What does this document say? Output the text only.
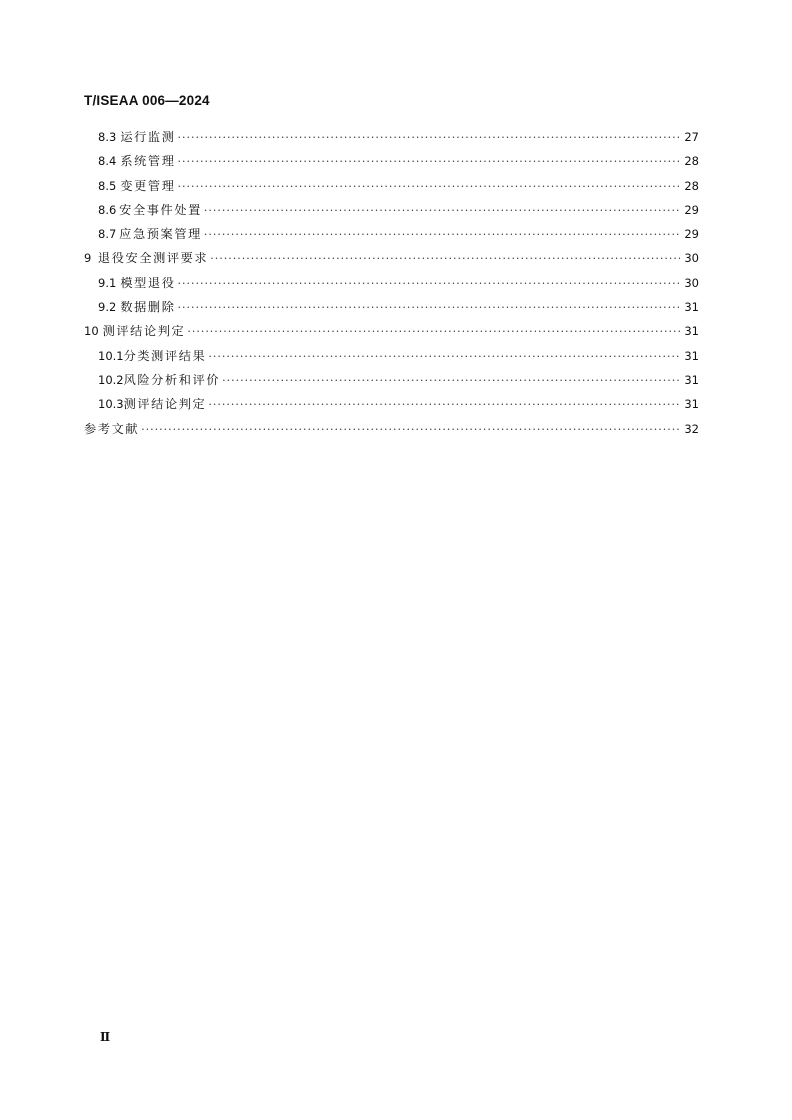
T/ISEAA 006—2024
8.3 运行监测 ·····	27
8.4 系统管理 ·····	28
8.5 变更管理 ·····	28
8.6 安全事件处置 ·····	29
8.7 应急预案管理 ·····	29
9 退役安全测评要求 ·····	30
9.1 模型退役 ·····	30
9.2 数据删除 ·····	31
10 测评结论判定 ·····	31
10.1 分类测评结果 ·····	31
10.2 风险分析和评价 ·····	31
10.3 测评结论判定 ·····	31
参考文献 ·····	32
Ⅱ
